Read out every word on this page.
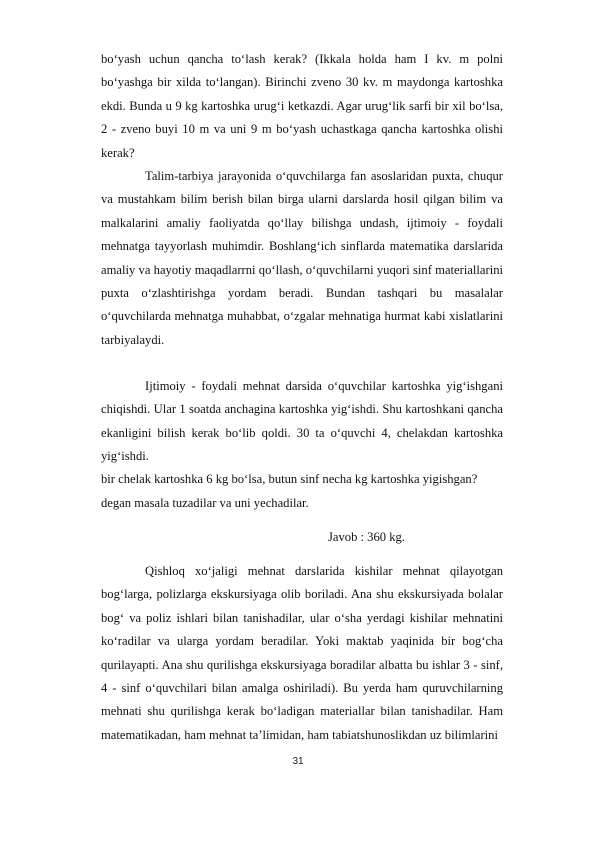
bo‘yash uchun qancha to‘lash kerak? (Ikkala holda ham I kv. m polni bo‘yashga bir xilda to‘langan). Birinchi zveno 30 kv. m maydonga kartoshka ekdi. Bunda u 9 kg kartoshka urug‘i ketkazdi. Agar urug‘lik sarfi bir xil bo‘lsa, 2 - zveno buyi 10 m va uni 9 m bo‘yash uchastkaga qancha kartoshka olishi kerak?
Talim-tarbiya jarayonida o‘quvchilarga fan asoslaridan puxta, chuqur va mustahkam bilim berish bilan birga ularni darslarda hosil qilgan bilim va malkalarini amaliy faoliyatda qo‘llay bilishga undash, ijtimoiy - foydali mehnatga tayyorlash muhimdir. Boshlang‘ich sinflarda matematika darslarida amaliy va hayotiy maqadlarrni qo‘llash, o‘quvchilarni yuqori sinf materiallarini puxta o‘zlashtirishga yordam beradi. Bundan tashqari bu masalalar o‘quvchilarda mehnatga muhabbat, o‘zgalar mehnatiga hurmat kabi xislatlarini tarbiyalaydi.
Ijtimoiy - foydali mehnat darsida o‘quvchilar kartoshka yig‘ishgani chiqishdi. Ular 1 soatda anchagina kartoshka yig‘ishdi. Shu kartoshkani qancha ekanligini bilish kerak bo‘lib qoldi. 30 ta o‘quvchi 4, chelakdan kartoshka yig‘ishdi.
bir chelak kartoshka 6 kg bo‘lsa, butun sinf necha kg kartoshka yigishgan?
degan masala tuzadilar va uni yechadilar.
Javob : 360 kg.
Qishloq xo‘jaligi mehnat darslarida kishilar mehnat qilayotgan bog‘larga, polizlarga ekskursiyaga olib boriladi. Ana shu ekskursiyada bolalar bog‘ va poliz ishlari bilan tanishadilar, ular o‘sha yerdagi kishilar mehnatini ko‘radilar va ularga yordam beradilar. Yoki maktab yaqinida bir bog‘cha qurilayapti. Ana shu qurilishga ekskursiyaga boradilar albatta bu ishlar 3 - sinf, 4 - sinf o‘quvchilari bilan amalga oshiriladi). Bu yerda ham quruvchilarning mehnati shu qurilishga kerak bo‘ladigan materiallar bilan tanishadilar. Ham matematikadan, ham mehnat ta’limidan, ham tabiatshunoslikdan uz bilimlarini
31
